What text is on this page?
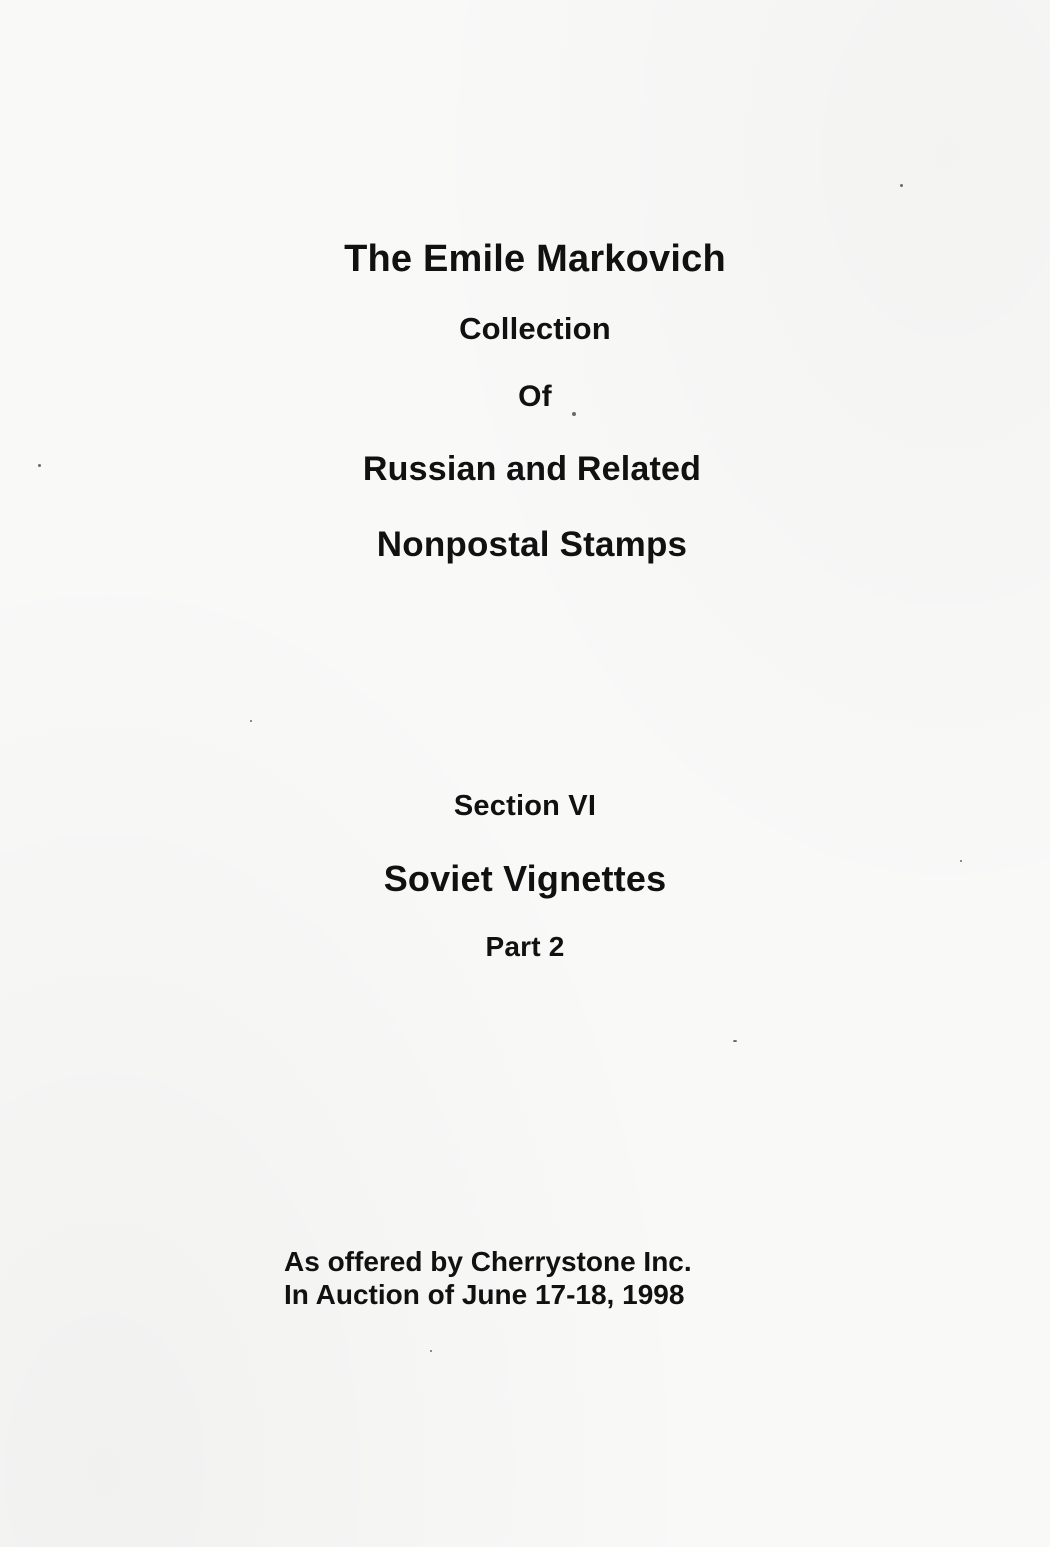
The Emile Markovich
Collection
Of
Russian and Related
Nonpostal Stamps
Section VI
Soviet Vignettes
Part 2
As offered by Cherrystone Inc.
In Auction of June 17-18, 1998
